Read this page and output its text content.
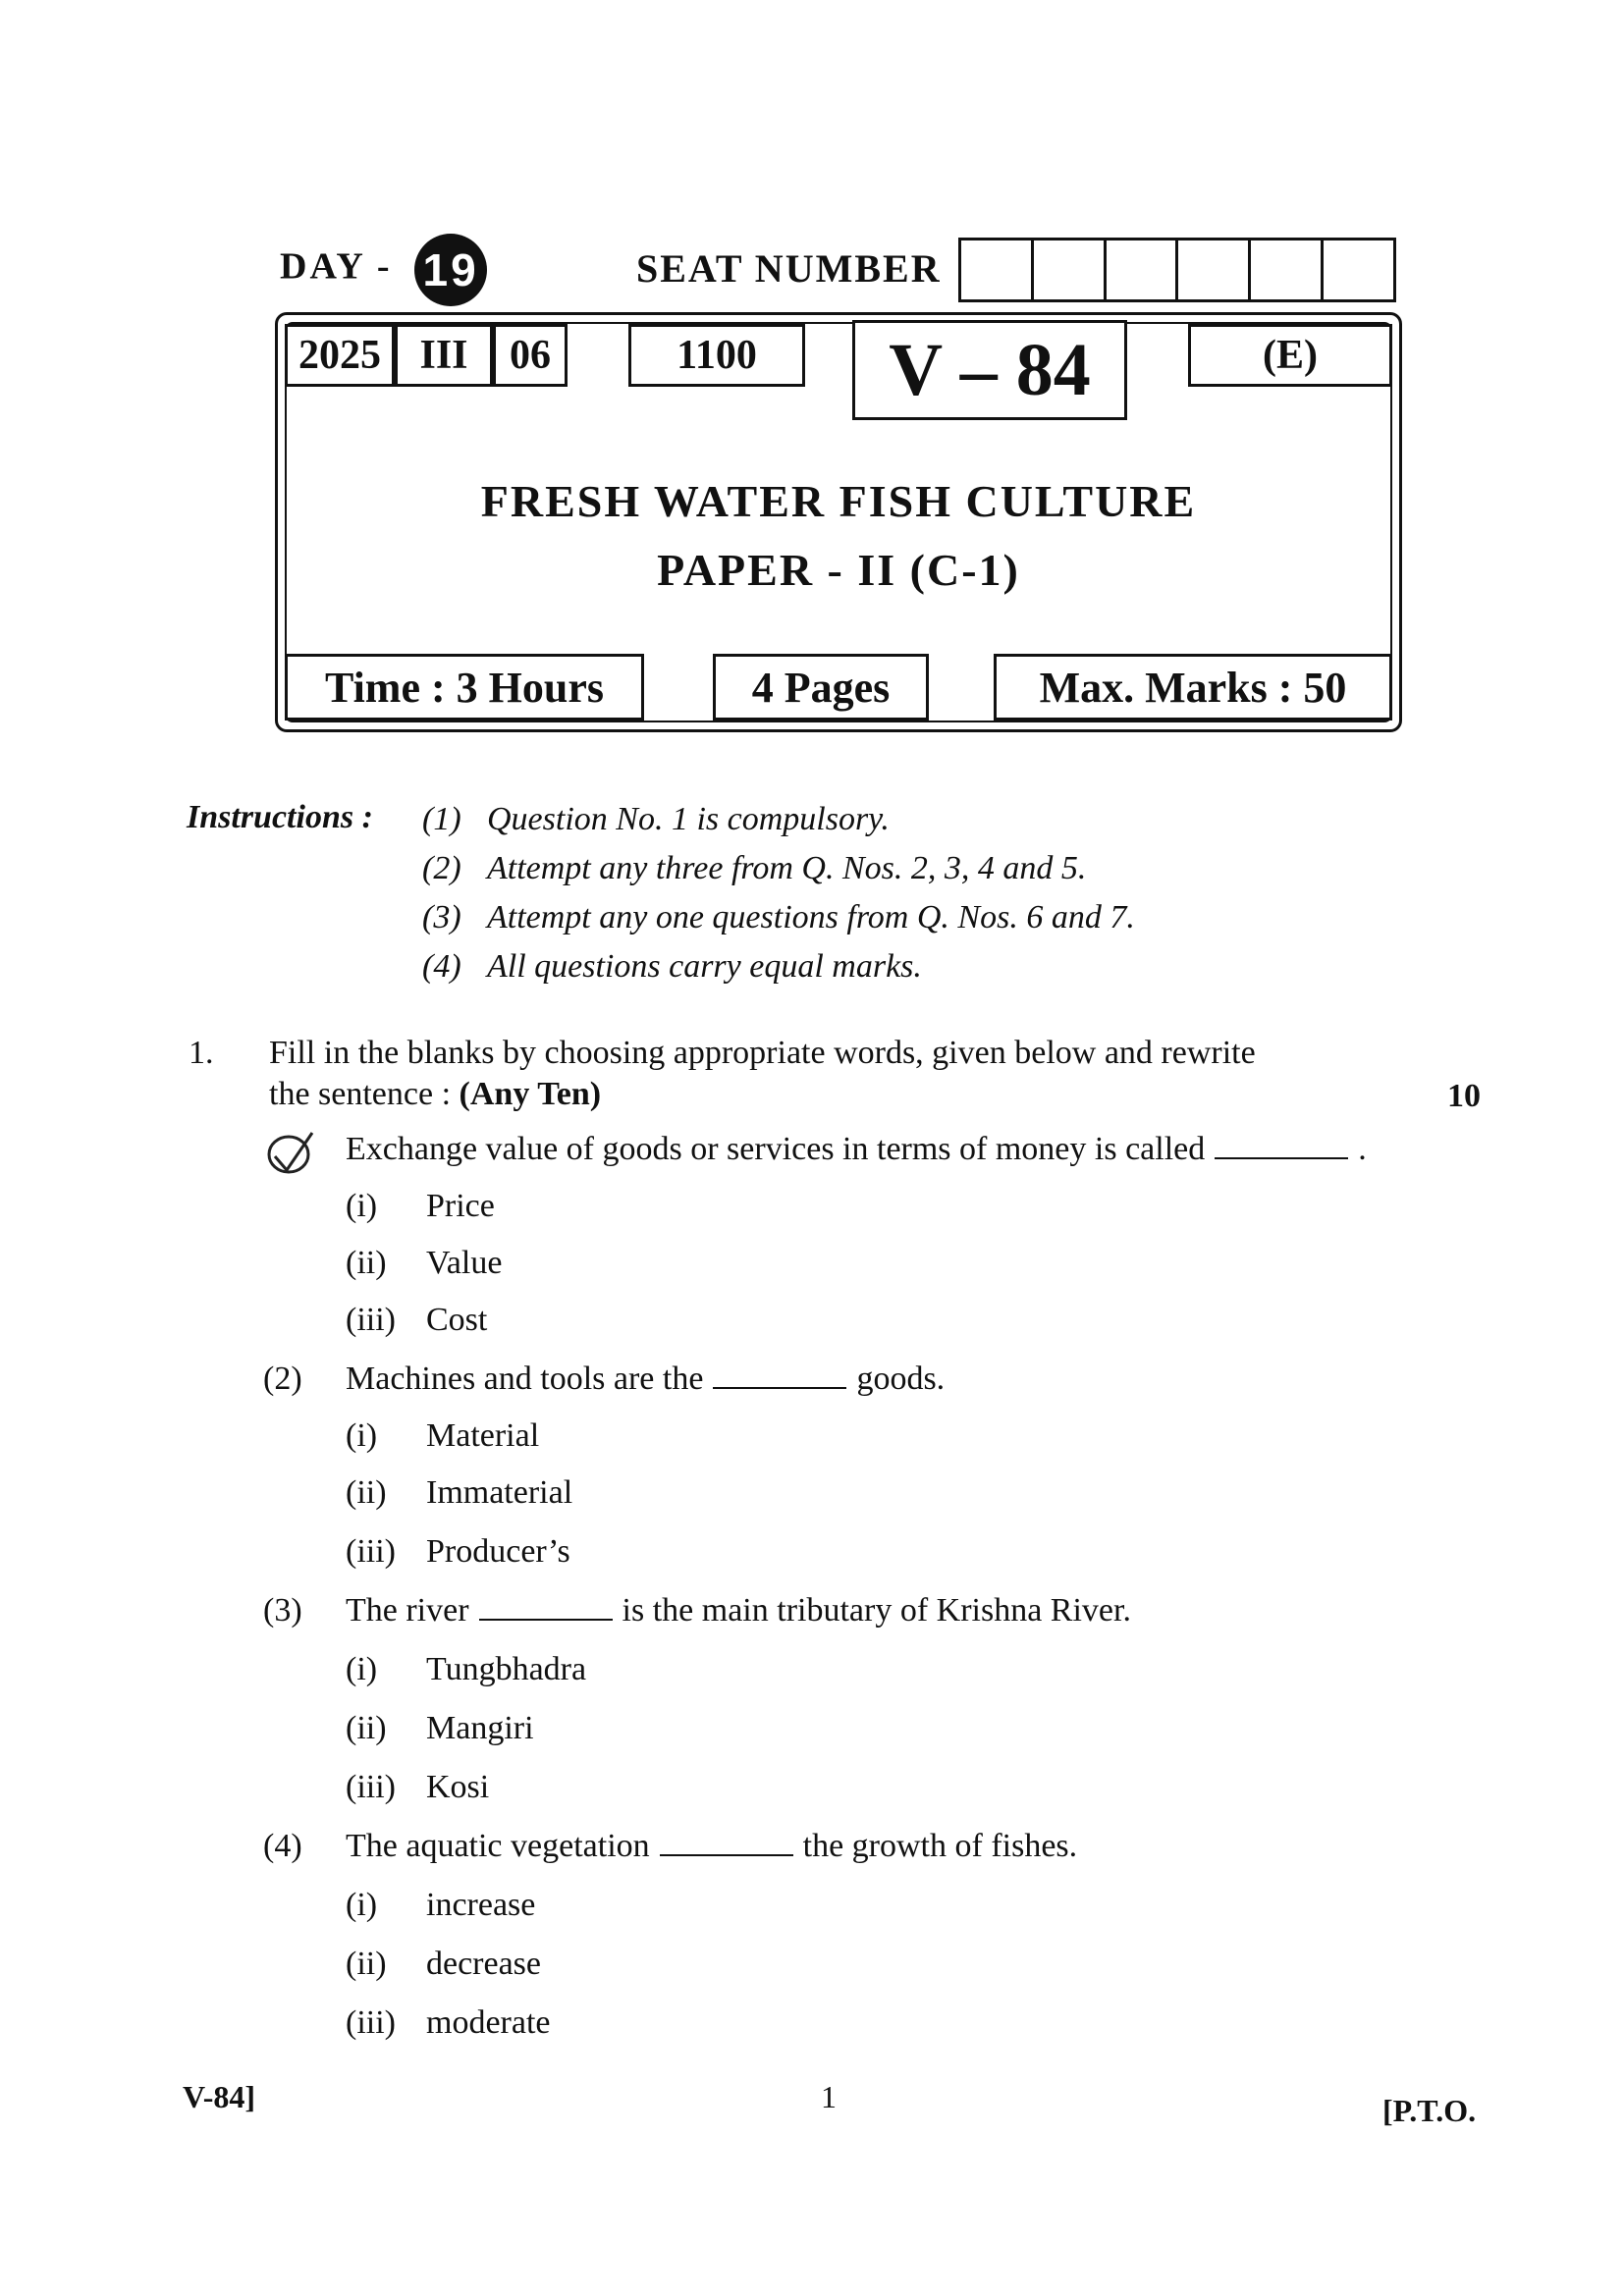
DAY - 19	SEAT NUMBER
2025 III	06	1100	V – 84	(E)
FRESH WATER FISH CULTURE
PAPER - II (C-1)
Time : 3 Hours	4 Pages	Max. Marks : 50
Instructions : (1) Question No. 1 is compulsory.
(2) Attempt any three from Q. Nos. 2, 3, 4 and 5.
(3) Attempt any one questions from Q. Nos. 6 and 7.
(4) All questions carry equal marks.
1. Fill in the blanks by choosing appropriate words, given below and rewrite
the sentence : (Any Ten)	10
Exchange value of goods or services in terms of money is called	.
(i) Price
(ii) Value
(iii) Cost
(2) Machines and tools are the	goods.
(i) Material
(ii) Immaterial
(iii) Producer’s
(3) The river	is the main tributary of Krishna River.
(i) Tungbhadra
(ii) Mangiri
(iii) Kosi
(4) The aquatic vegetation	the growth of fishes.
(i) increase
(ii) decrease
(iii) moderate
V-84]	1	[P.T.O.
